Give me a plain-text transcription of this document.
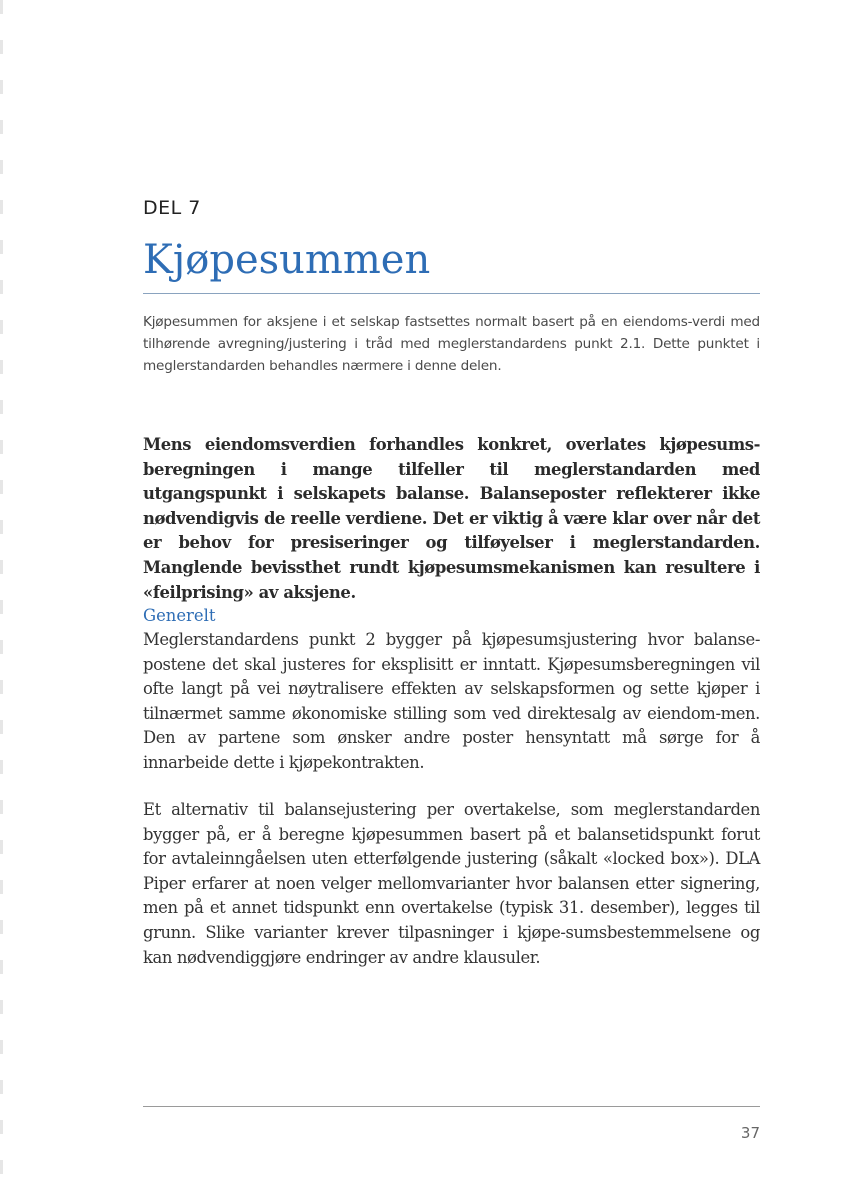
DEL 7
Kjøpesummen

Kjøpesummen for aksjene i et selskap fastsettes normalt basert på en eiendoms-verdi med tilhørende avregning/justering i tråd med meglerstandardens punkt 2.1. Dette punktet i meglerstandarden behandles nærmere i denne delen.

Mens eiendomsverdien forhandles konkret, overlates kjøpesums-beregningen i mange tilfeller til meglerstandarden med utgangspunkt i selskapets balanse. Balanseposter reflekterer ikke nødvendigvis de reelle verdiene. Det er viktig å være klar over når det er behov for presiseringer og tilføyelser i meglerstandarden. Manglende bevissthet rundt kjøpesumsmekanismen kan resultere i «feilprising» av aksjene.

Generelt

Meglerstandardens punkt 2 bygger på kjøpesumsjustering hvor balanse-postene det skal justeres for eksplisitt er inntatt. Kjøpesumsberegningen vil ofte langt på vei nøytralisere effekten av selskapsformen og sette kjøper i tilnærmet samme økonomiske stilling som ved direktesalg av eiendom-men. Den av partene som ønsker andre poster hensyntatt må sørge for å innarbeide dette i kjøpekontrakten.

Et alternativ til balansejustering per overtakelse, som meglerstandarden bygger på, er å beregne kjøpesummen basert på et balansetidspunkt forut for avtaleinngåelsen uten etterfølgende justering (såkalt «locked box»). DLA Piper erfarer at noen velger mellomvarianter hvor balansen etter signering, men på et annet tidspunkt enn overtakelse (typisk 31. desember), legges til grunn. Slike varianter krever tilpasninger i kjøpe-sumsbestemmelsene og kan nødvendiggjøre endringer av andre klausuler.

37
